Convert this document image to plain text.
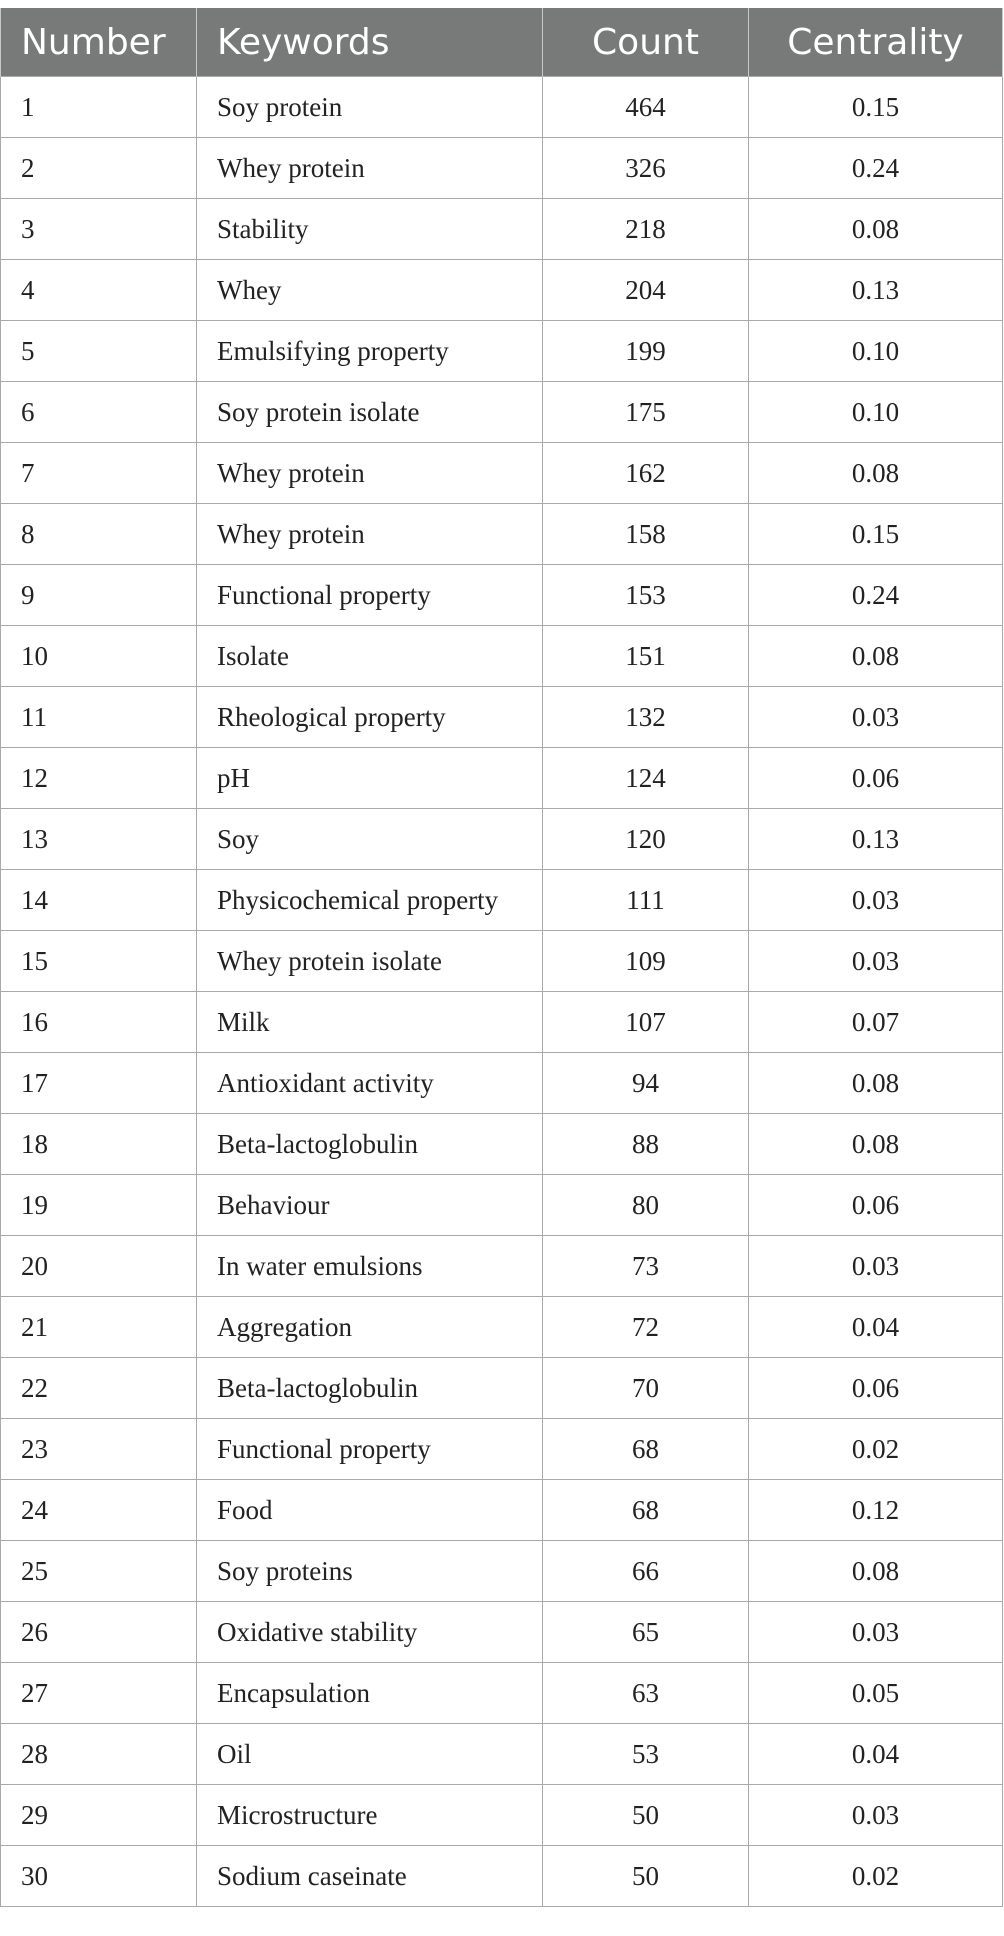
Number	Keywords	Count	Centrality
1	Soy protein	464	0.15
2	Whey protein	326	0.24
3	Stability	218	0.08
4	Whey	204	0.13
5	Emulsifying property	199	0.10
6	Soy protein isolate	175	0.10
7	Whey protein	162	0.08
8	Whey protein	158	0.15
9	Functional property	153	0.24
10	Isolate	151	0.08
11	Rheological property	132	0.03
12	pH	124	0.06
13	Soy	120	0.13
14	Physicochemical property	111	0.03
15	Whey protein isolate	109	0.03
16	Milk	107	0.07
17	Antioxidant activity	94	0.08
18	Beta-lactoglobulin	88	0.08
19	Behaviour	80	0.06
20	In water emulsions	73	0.03
21	Aggregation	72	0.04
22	Beta-lactoglobulin	70	0.06
23	Functional property	68	0.02
24	Food	68	0.12
25	Soy proteins	66	0.08
26	Oxidative stability	65	0.03
27	Encapsulation	63	0.05
28	Oil	53	0.04
29	Microstructure	50	0.03
30	Sodium caseinate	50	0.02
